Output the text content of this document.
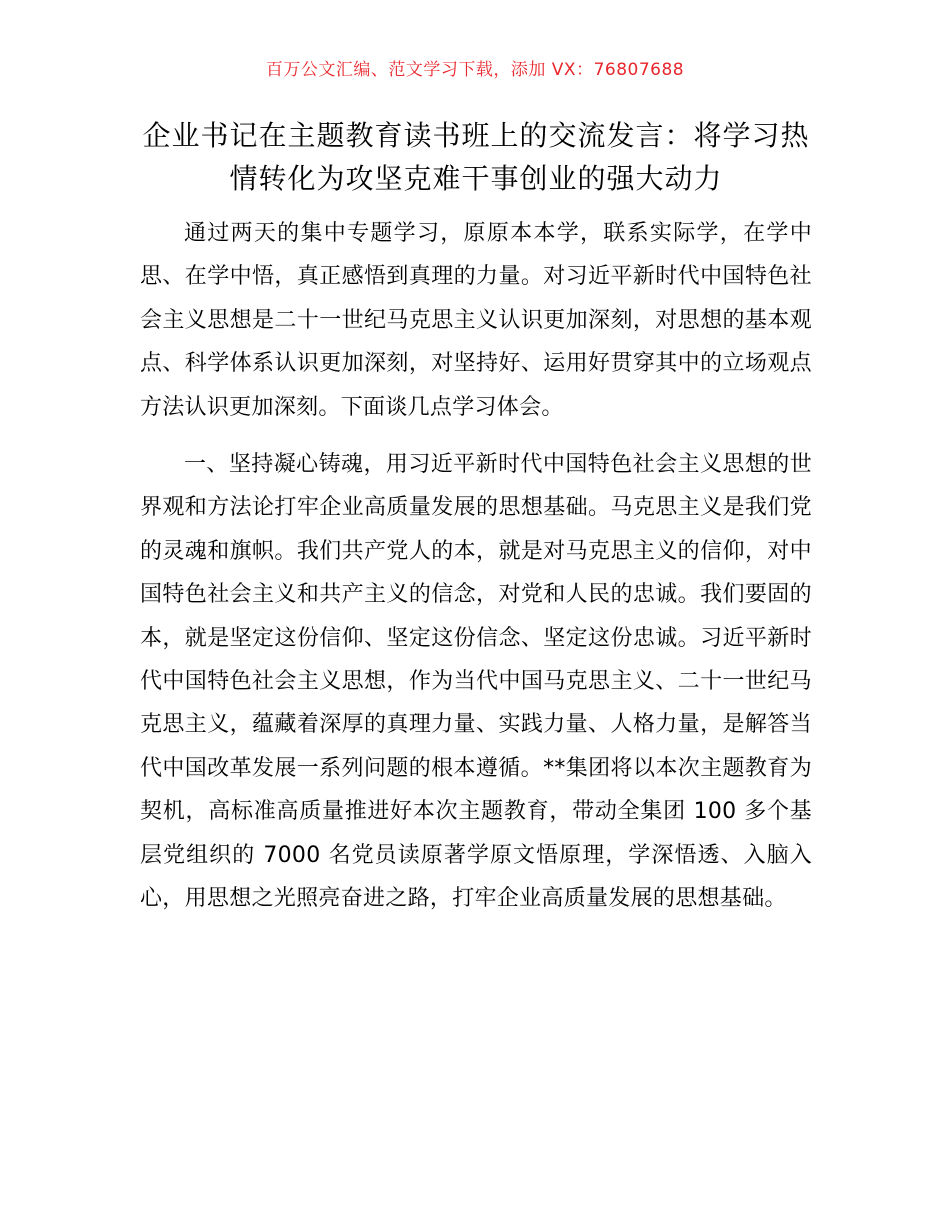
百万公文汇编、范文学习下载，添加 VX：76807688
企业书记在主题教育读书班上的交流发言：将学习热情转化为攻坚克难干事创业的强大动力

通过两天的集中专题学习，原原本本学，联系实际学，在学中思、在学中悟，真正感悟到真理的力量。对习近平新时代中国特色社会主义思想是二十一世纪马克思主义认识更加深刻，对思想的基本观点、科学体系认识更加深刻，对坚持好、运用好贯穿其中的立场观点方法认识更加深刻。下面谈几点学习体会。

一、坚持凝心铸魂，用习近平新时代中国特色社会主义思想的世界观和方法论打牢企业高质量发展的思想基础。马克思主义是我们党的灵魂和旗帜。我们共产党人的本，就是对马克思主义的信仰，对中国特色社会主义和共产主义的信念，对党和人民的忠诚。我们要固的本，就是坚定这份信仰、坚定这份信念、坚定这份忠诚。习近平新时代中国特色社会主义思想，作为当代中国马克思主义、二十一世纪马克思主义，蕴藏着深厚的真理力量、实践力量、人格力量，是解答当代中国改革发展一系列问题的根本遵循。**集团将以本次主题教育为契机，高标准高质量推进好本次主题教育，带动全集团 100 多个基层党组织的 7000 名党员读原著学原文悟原理，学深悟透、入脑入心，用思想之光照亮奋进之路，打牢企业高质量发展的思想基础。
